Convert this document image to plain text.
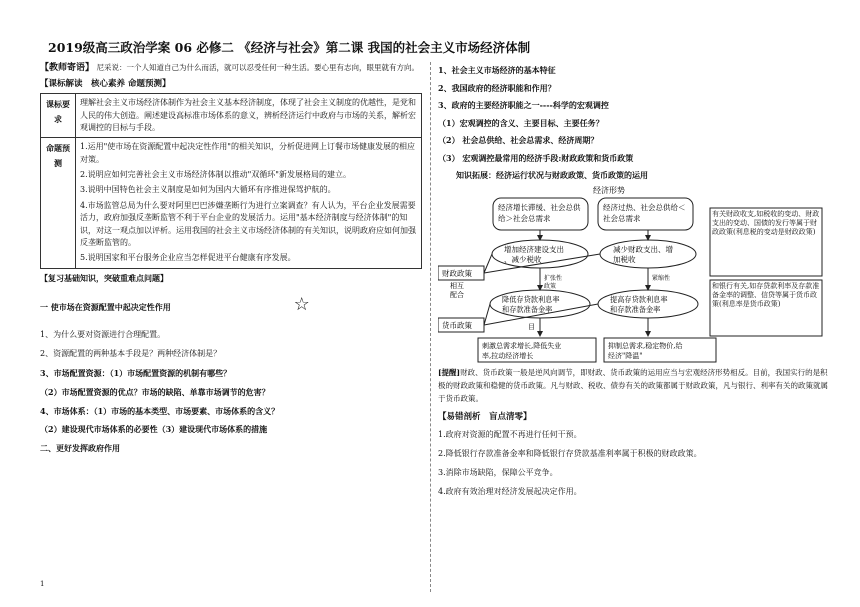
2019级高三政治学案 06 必修二 《经济与社会》第二课 我国的社会主义市场经济体制

【教师寄语】 尼采说：一个人知道自己为什么而活，就可以忍受任何一种生活。要心里有志向，眼里就有方向。

【课标解读　核心素养 命题预测】

课标要求	理解社会主义市场经济体制作为社会主义基本经济制度，体现了社会主义制度的优越性，是党和人民的伟大创造。阐述建设高标准市场体系的意义，辨析经济运行中政府与市场的关系，解析宏观调控的目标与手段。
命题预测	1.运用"使市场在资源配置中起决定性作用"的相关知识，分析促进网上订餐市场健康发展的相应对策。

2.说明应如何完善社会主义市场经济体制以推动"双循环"新发展格局的建立。

3.说明中国特色社会主义制度是如何为国内大循环有序推进保驾护航的。

4.市场监管总局为什么要对阿里巴巴涉嫌垄断行为进行立案调查？有人认为，平台企业发展需要活力，政府加强反垄断监管不利于平台企业的发展活力。运用"基本经济制度与经济体制"的知识，对这一观点加以评析。运用我国的社会主义市场经济体制的有关知识，说明政府应如何加强反垄断监管的。

5.说明国家和平台服务企业应当怎样促进平台健康有序发展。

【复习基础知识，突破重难点问题】

一 使市场在资源配置中起决定性作用	☆

1、为什么要对资源进行合理配置。

2、资源配置的两种基本手段是？两种经济体制是？

3、市场配置资源：（1）市场配置资源的机制有哪些？

（2）市场配置资源的优点？市场的缺陷、单靠市场调节的危害？

4、市场体系：（1）市场的基本类型、市场要素、市场体系的含义？

（2）建设现代市场体系的必要性（3）建设现代市场体系的措施

二、更好发挥政府作用

1、社会主义市场经济的基本特征

2、我国政府的经济职能和作用？

3、政府的主要经济职能之一----科学的宏观调控

（1）宏观调控的含义、主要目标、主要任务？

（2） 社会总供给、社会总需求、经济周期？

（3） 宏观调控最常用的经济手段:财政政策和货币政策

知识拓展：经济运行状况与财政政策、货币政策的运用

经济形势
经济增长滞缓、社会总供给＞社会总需求
经济过热、社会总供给＜社会总需求
增加经济建设支出、减少税收
减少财政支出、增加税收
降低存贷款利息率和存款准备金率
提高存贷款利息率和存款准备金率
财政政策
货币政策
相互配合
扩张性
政策
紧缩性
目
刺激总需求增长,降低失业率,拉动经济增长
抑制总需求,稳定物价,给经济"降温"
有关财政收支,如税收的变动、财政支出的变动、国债的发行等属于财政政策(利息税的变动是财政政策)
和银行有关,如存贷款利率及存款准备金率的调整、信贷等属于货币政策(利息率是货币政策)

[提醒]财政、货币政策一般是逆风向调节，即财政、货币政策的运用应当与宏观经济形势相反。目前，我国实行的是积极的财政政策和稳健的货币政策。凡与财政、税收、债券有关的政策都属于财政政策，凡与银行、利率有关的政策就属于货币政策。

【易错剖析　盲点清零】

1.政府对资源的配置不再进行任何干预。

2.降低银行存款准备金率和降低银行存贷款基准利率属于积极的财政政策。

3.消除市场缺陷，保障公平竞争。

4.政府有效治理对经济发展起决定作用。

1
